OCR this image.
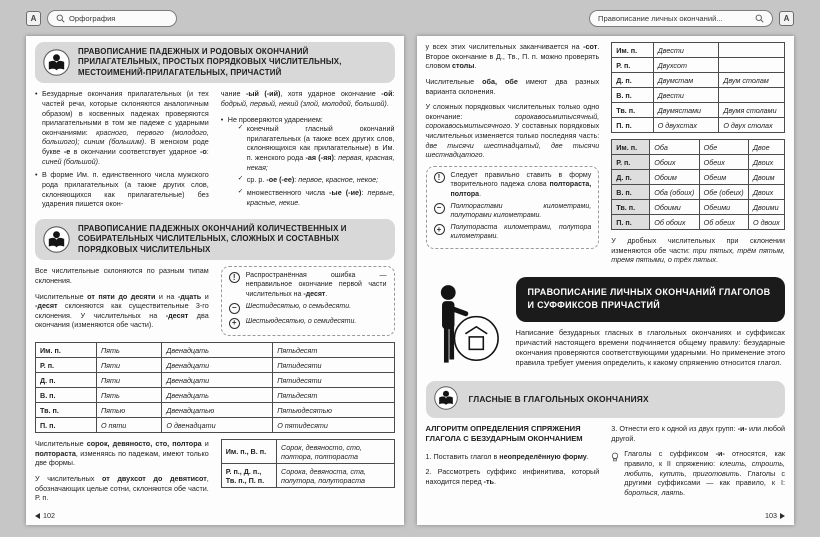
A	Орфография	Правописание личных окончаний...	A
ПРАВОПИСАНИЕ ПАДЕЖНЫХ И РОДОВЫХ ОКОНЧАНИЙ ПРИЛАГАТЕЛЬНЫХ, ПРОСТЫХ ПОРЯДКОВЫХ ЧИСЛИТЕЛЬНЫХ, МЕСТОИМЕНИЙ-ПРИЛАГАТЕЛЬНЫХ, ПРИЧАСТИЙ
• Безударные окончания прилагательных (и тех частей речи, которые склоняются аналогичным образом) в косвенных падежах проверяются прилагательными в том же падеже с ударными окончаниями: красного, первого (молодого, большого); синим (большим). В женском роде букве -е в окончании соответствует ударное -о: синей (большой).
• В форме Им. п. единственного числа мужского рода прилагательных (а также других слов, склоняющихся как прилагательные) без ударения пишется окон-

чание -ый (-ий), хотя ударное окончание -ой: бодрый, первый, некий (злой, молодой, большой).

• Не проверяются ударением:
✓ конечный гласный окончаний прилагательных (а также всех других слов, склоняющихся как прилагательные) в Им. п. женского рода -ая (-яя): первая, красная, некая;
✓ ср. р. -ое (-ее): первое, красное, некое;
✓ множественного числа -ые (-ие): первые, красные, некие.
ПРАВОПИСАНИЕ ПАДЕЖНЫХ ОКОНЧАНИЙ КОЛИЧЕСТВЕННЫХ И СОБИРАТЕЛЬНЫХ ЧИСЛИТЕЛЬНЫХ, СЛОЖНЫХ И СОСТАВНЫХ ПОРЯДКОВЫХ ЧИСЛИТЕЛЬНЫХ

Все числительные склоняются по разным типам склонения.

Числительные от пяти до десяти и на -дцать и -десят склоняются как существительные 3-го склонения. У числительных на -десят два окончания (изменяются обе части).

!	Распространённая ошибка — неправильное окончание первой части числительных на -десят.
−	Шестидесятью, о семьдесяти.
+	Шестьюдесятью, о семидесяти.
Им. п.	Пять	Двенадцать	Пятьдесят
Р. п.	Пяти	Двенадцати	Пятидесяти
Д. п.	Пяти	Двенадцати	Пятидесяти
В. п.	Пять	Двенадцать	Пятьдесят
Тв. п.	Пятью	Двенадцатью	Пятьюдесятью
П. п.	О пяти	О двенадцати	О пятидесяти

Числительные сорок, девяносто, сто, полтора и полтораста, изменяясь по падежам, имеют только две формы.

У числительных от двухсот до девятисот, обозначающих целые сотни, склоняются обе части. Р. п.

Им. п., В. п.	Сорок, девяносто, сто, полтора, полтораста
Р. п., Д. п., Тв. п., П. п.	Сорока, девяноста, ста, полутора, полутораста
102

у всех этих числительных заканчивается на -сот. Второе окончание в Д., Тв., П. п. можно проверять словом столы.

Числительные оба, обе имеют два разных варианта склонения.

У сложных порядковых числительных только одно окончание: сорокавосьмитысячный, сорокавосьмитысячного. У составных порядковых числительных изменяется только последняя часть: две тысячи шестнадцатый, две тысячи шестнадцатого.

!	Следует правильно ставить в форму творительного падежа слова полтораста, полтора.
−	Полторастами километрами, полуторами километрами.
+	Полутораста километрами, полутора километрами.
Им. п.	Двести	
Р. п.	Двухсот	
Д. п.	Двумстам	Двум столам
В. п.	Двести	
Тв. п.	Двумястами	Двумя столами
П. п.	О двухстах	О двух столах
Им. п.	Оба	Обе	Двое
Р. п.	Обоих	Обеих	Двоих
Д. п.	Обоим	Обеим	Двоим
В. п.	Оба (обоих)	Обе (обеих)	Двоих
Тв. п.	Обоими	Обеими	Двоими
П. п.	Об обоих	Об обеих	О двоих

У дробных числительных при склонении изменяются обе части: три пятых, трём пятым, тремя пятыми, о трёх пятых.

ПРАВОПИСАНИЕ ЛИЧНЫХ ОКОНЧАНИЙ ГЛАГОЛОВ И СУФФИКСОВ ПРИЧАСТИЙ

Написание безударных гласных в глагольных окончаниях и суффиксах причастий настоящего времени подчиняется общему правилу: безударные окончания проверяются соответствующими ударными. Но применение этого правила требует умения определить, к какому спряжению относится глагол.

ГЛАСНЫЕ В ГЛАГОЛЬНЫХ ОКОНЧАНИЯХ
АЛГОРИТМ ОПРЕДЕЛЕНИЯ СПРЯЖЕНИЯ ГЛАГОЛА С БЕЗУДАРНЫМ ОКОНЧАНИЕМ

1. Поставить глагол в неопределённую форму.

2. Рассмотреть суффикс инфинитива, который находится перед -ть.

3. Отнести его к одной из двух групп: -и- или любой другой.

Глаголы с суффиксом -и- относятся, как правило, к II спряжению: клеить, строить, любить, купить, приготовить. Глаголы с другими суффиксами — как правило, к I: бороться, лаять.

103
